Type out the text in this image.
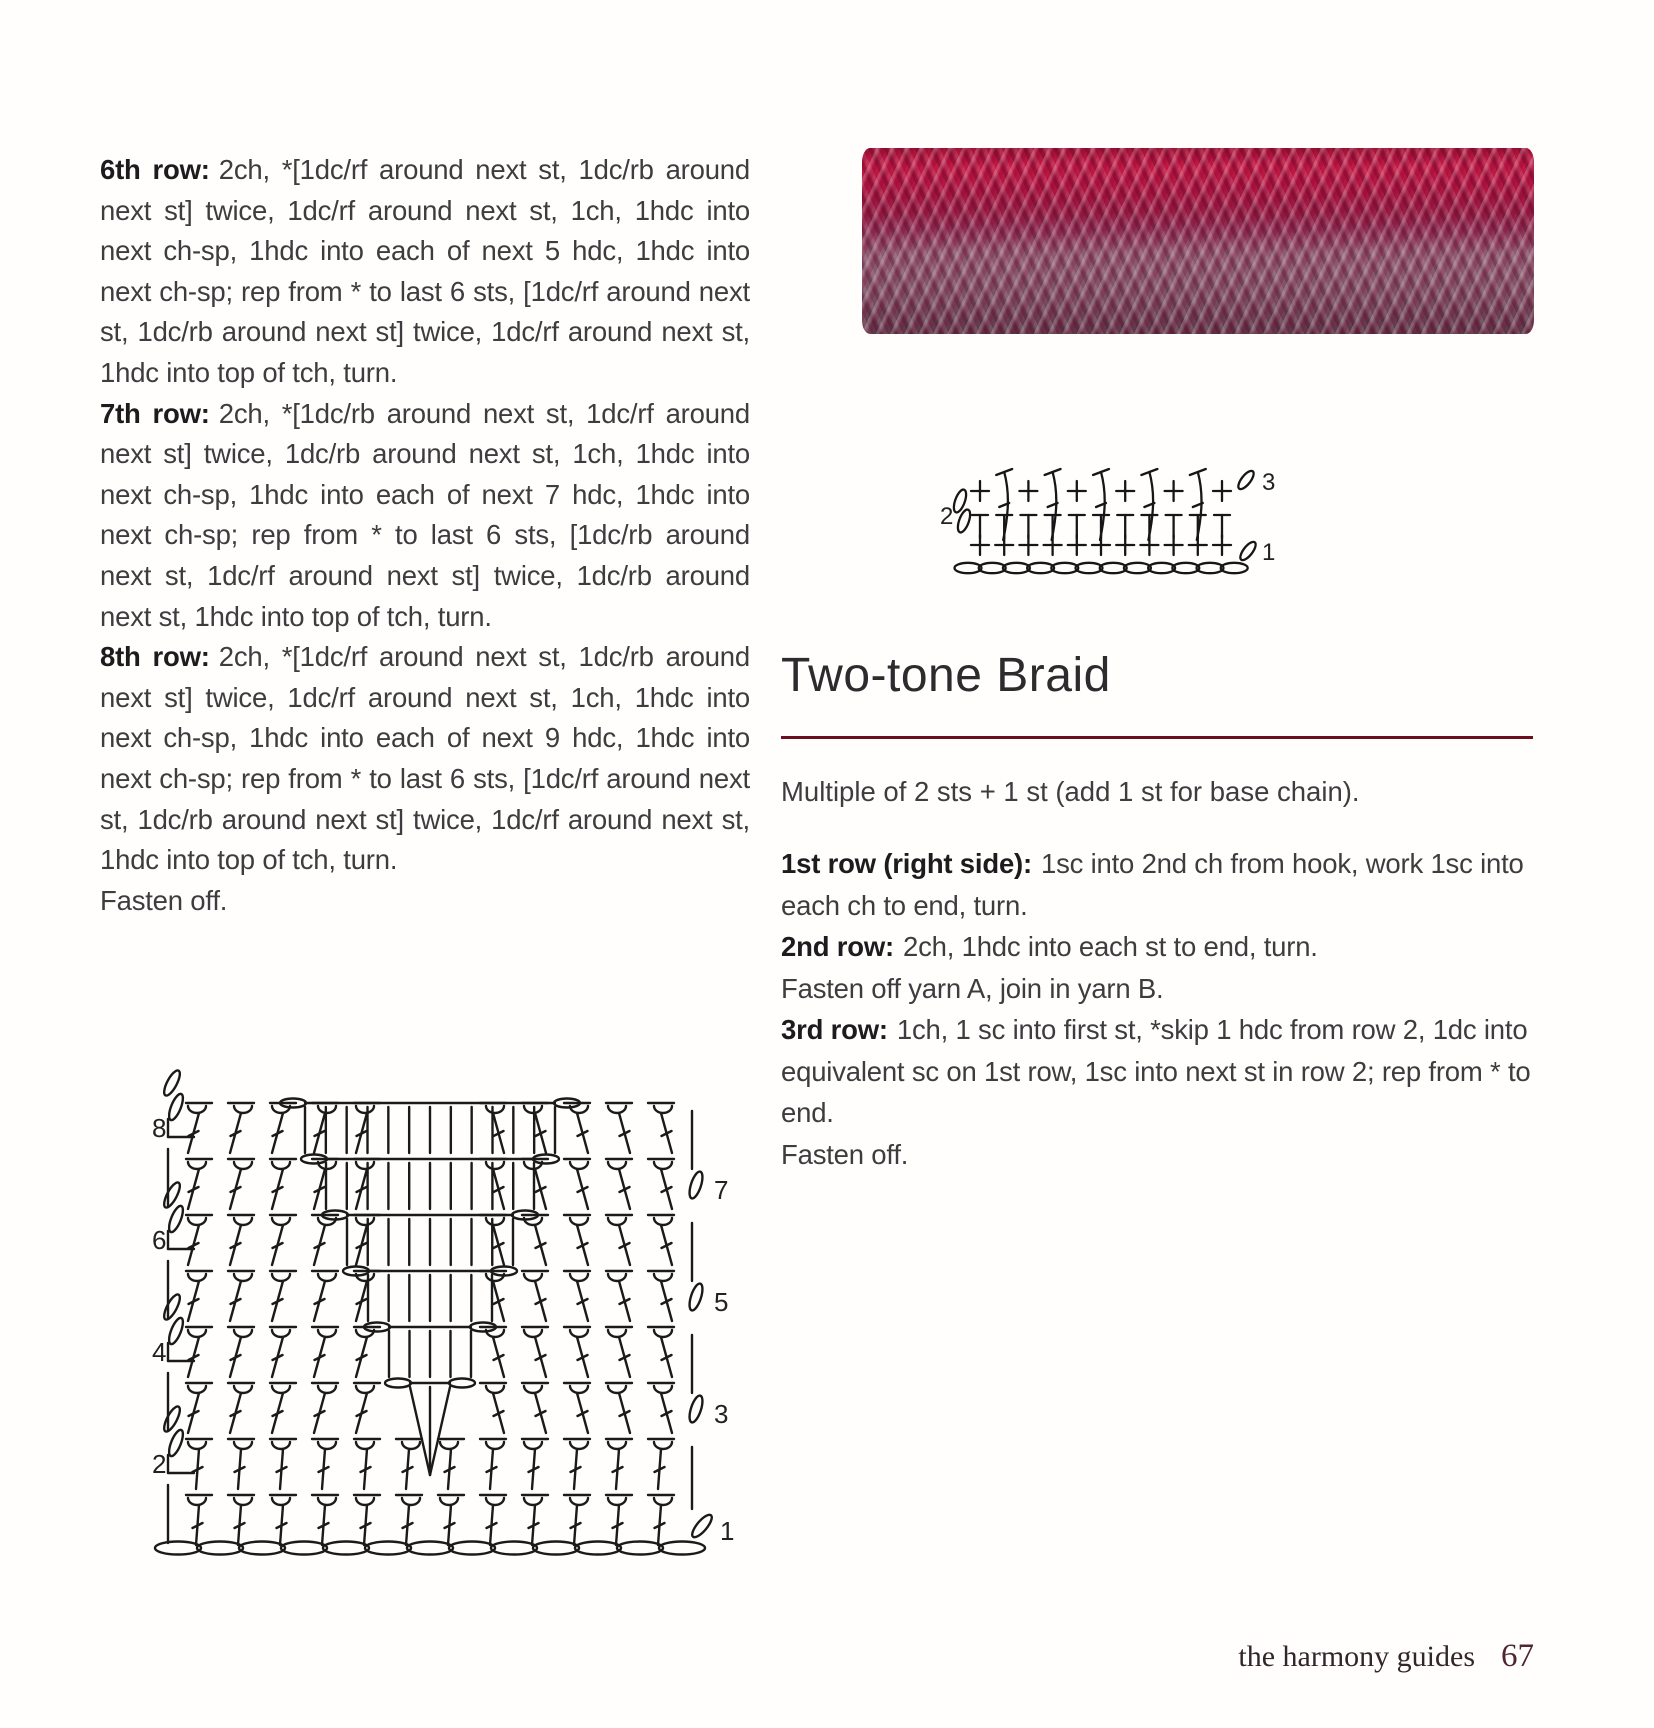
6th row: 2ch, *[1dc/rf around next st, 1dc/rb around next st] twice, 1dc/rf around next st, 1ch, 1hdc into next ch-sp, 1hdc into each of next 5 hdc, 1hdc into next ch-sp; rep from * to last 6 sts, [1dc/rf around next st, 1dc/rb around next st] twice, 1dc/rf around next st, 1hdc into top of tch, turn.

7th row: 2ch, *[1dc/rb around next st, 1dc/rf around next st] twice, 1dc/rb around next st, 1ch, 1hdc into next ch-sp, 1hdc into each of next 7 hdc, 1hdc into next ch-sp; rep from * to last 6 sts, [1dc/rb around next st, 1dc/rf around next st] twice, 1dc/rb around next st, 1hdc into top of tch, turn.

8th row: 2ch, *[1dc/rf around next st, 1dc/rb around next st] twice, 1dc/rf around next st, 1ch, 1hdc into next ch-sp, 1hdc into each of next 9 hdc, 1hdc into next ch-sp; rep from * to last 6 sts, [1dc/rf around next st, 1dc/rb around next st] twice, 1dc/rf around next st, 1hdc into top of tch, turn.

Fasten off.

1
2
3
Two-tone Braid
Multiple of 2 sts + 1 st (add 1 st for base chain).

1st row (right side): 1sc into 2nd ch from hook, work 1sc into each ch to end, turn.

2nd row: 2ch, 1hdc into each st to end, turn.

Fasten off yarn A, join in yarn B.

3rd row: 1ch, 1 sc into first st, *skip 1 hdc from row 2, 1dc into equivalent sc on 1st row, 1sc into next st in row 2; rep from * to end.

Fasten off.

1
8
6
4
2
7
5
3
the harmony guides 67
